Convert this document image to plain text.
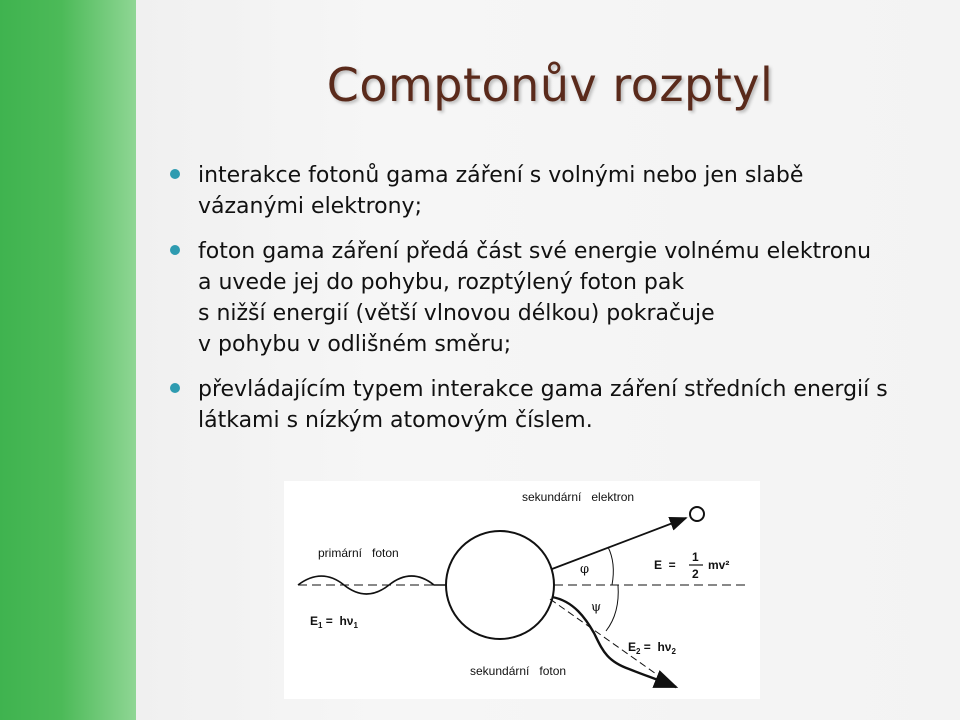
Comptonův rozptyl
interakce fotonů gama záření s volnými nebo jen slabě
vázanými elektrony;
foton gama záření předá část své energie volnému elektronu
a uvede jej do pohybu, rozptýlený foton pak
s nižší energií (větší vlnovou délkou) pokračuje
v pohybu v odlišném směru;
převládajícím typem interakce gama záření středních energií s
látkami s nízkým atomovým číslem.
φ
ψ
primární   foton
sekundární   elektron
sekundární   foton
$E_1 = h\nu_1$
$E_2 = h\nu_2$
E  =
1
2
mv²
